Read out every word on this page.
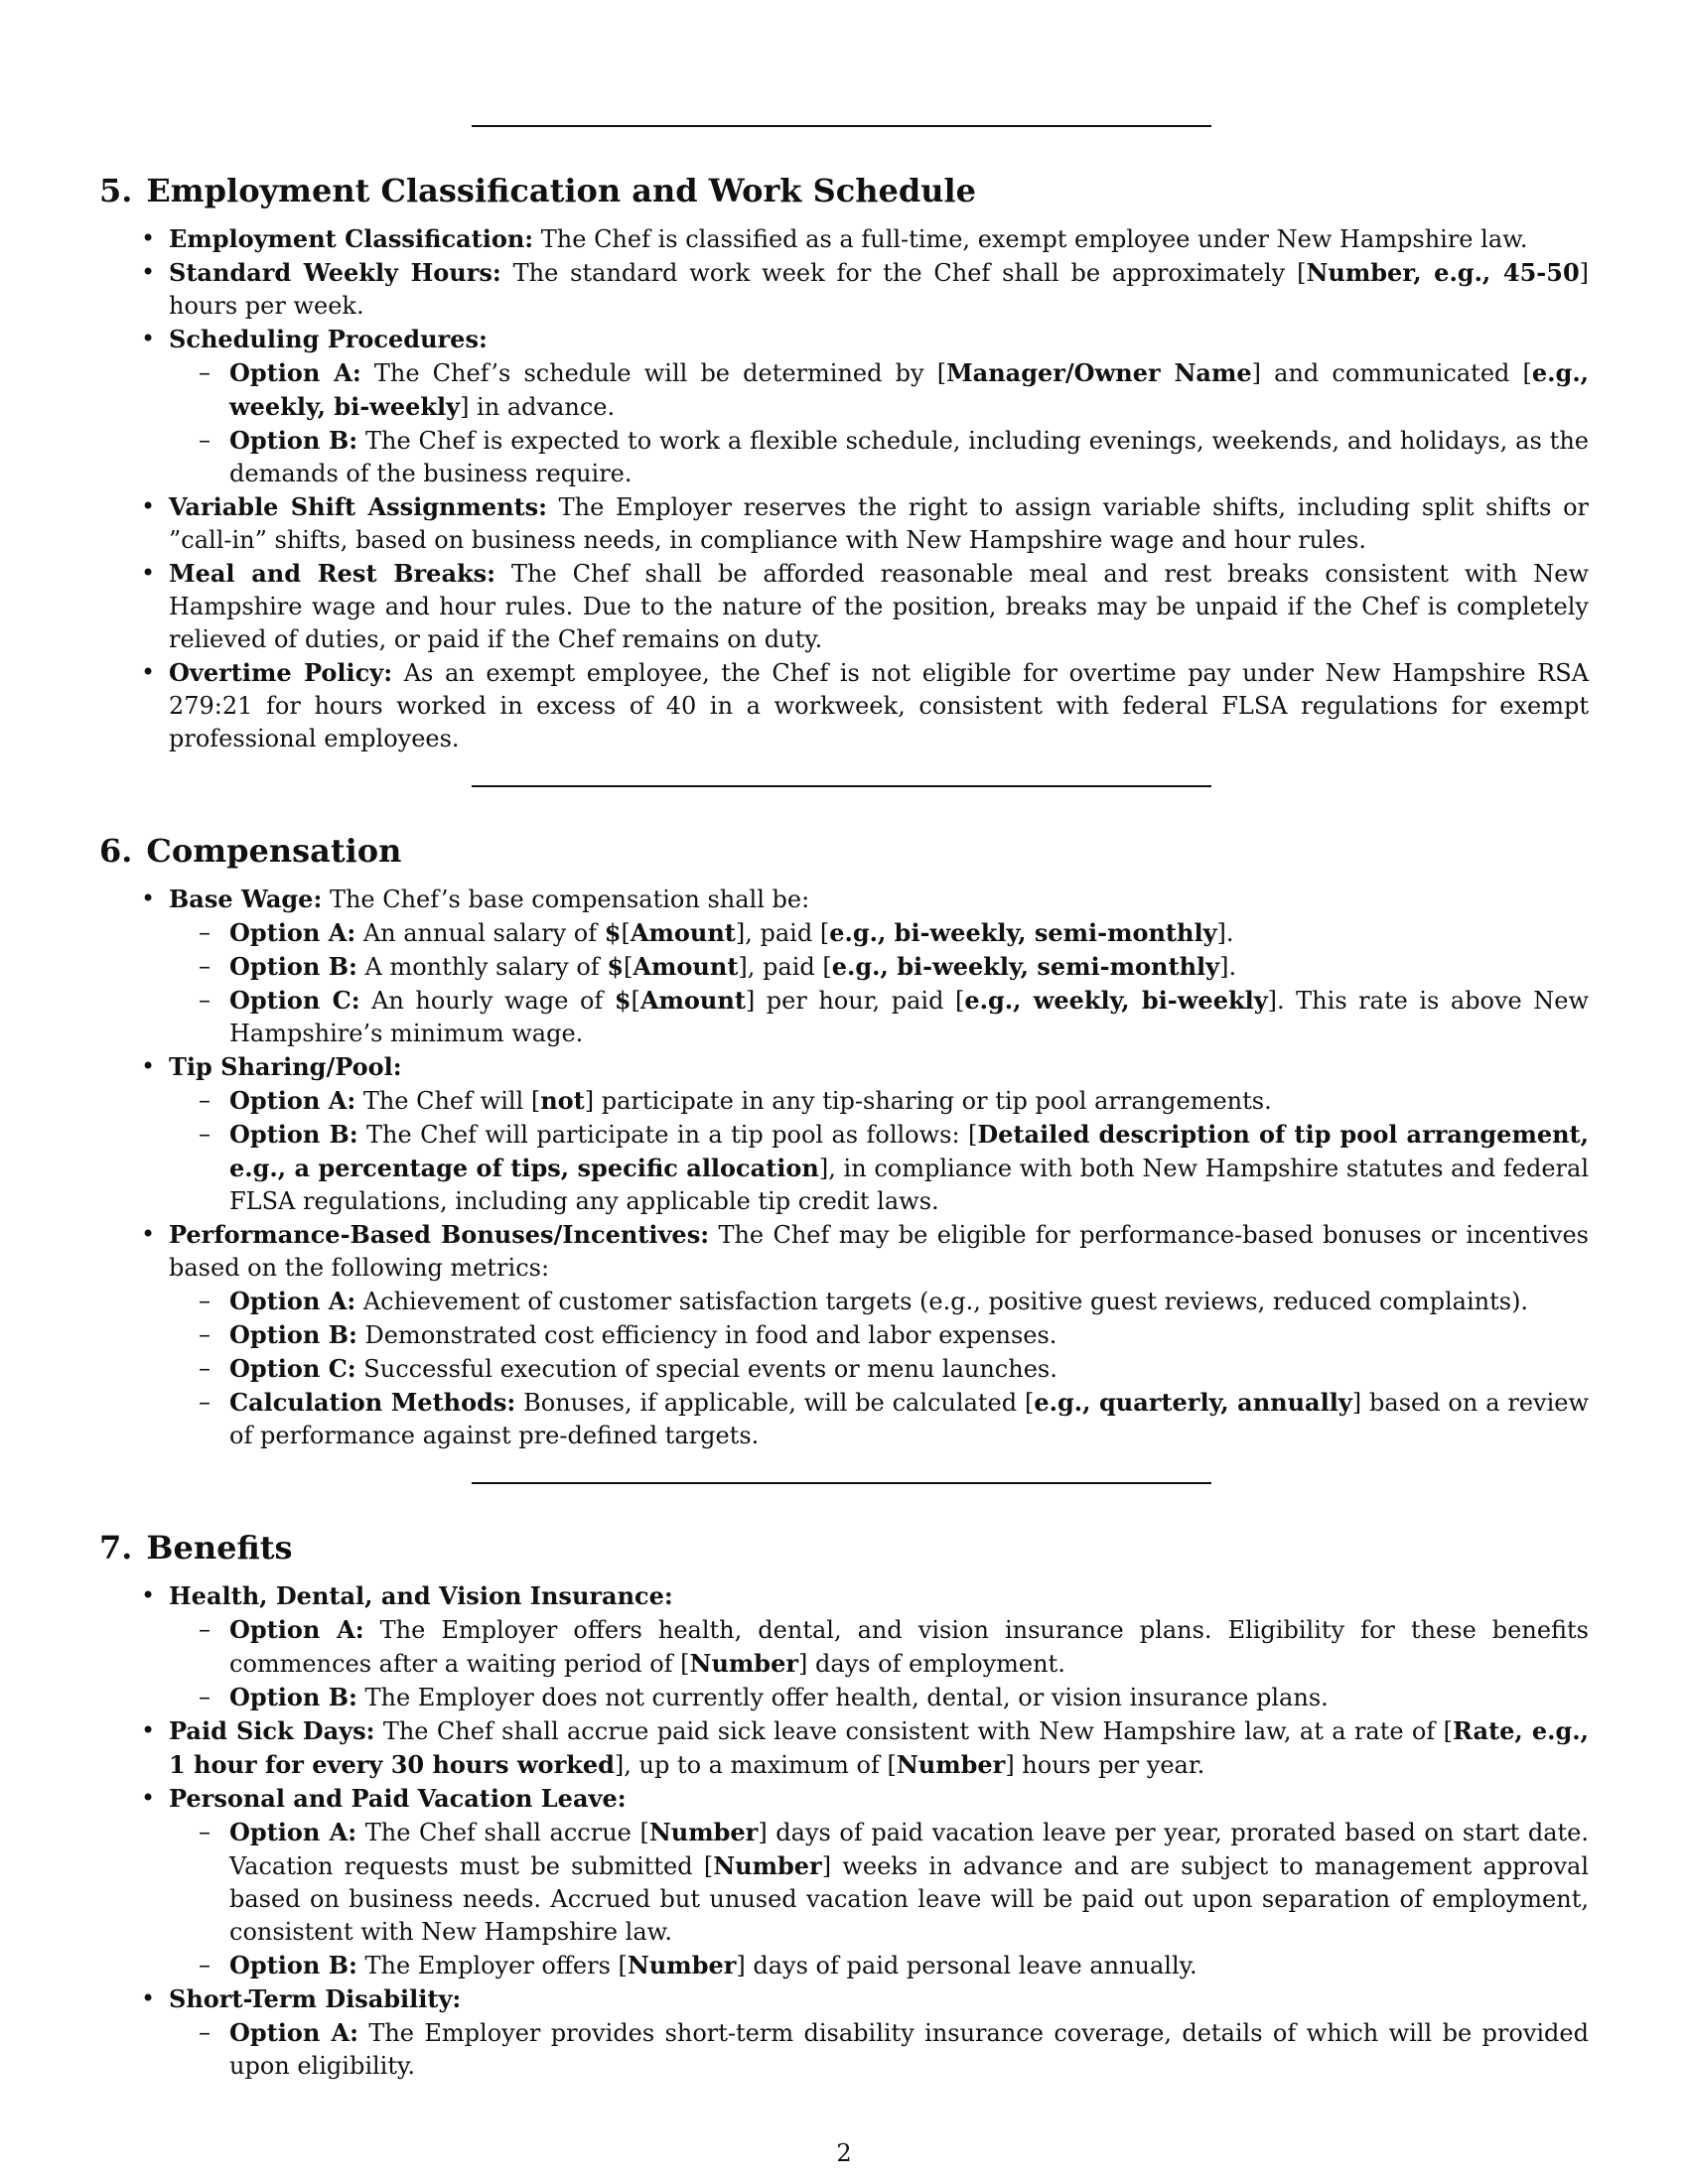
5. Employment Classification and Work Schedule
• Employment Classification: The Chef is classified as a full-time, exempt employee under New Hampshire law.
• Standard Weekly Hours: The standard work week for the Chef shall be approximately [Number, e.g., 45-50] hours per week.
• Scheduling Procedures:
– Option A: The Chef’s schedule will be determined by [Manager/Owner Name] and communicated [e.g., weekly, bi-weekly] in advance.
– Option B: The Chef is expected to work a flexible schedule, including evenings, weekends, and holidays, as the demands of the business require.
• Variable Shift Assignments: The Employer reserves the right to assign variable shifts, including split shifts or ”call-in” shifts, based on business needs, in compliance with New Hampshire wage and hour rules.
• Meal and Rest Breaks: The Chef shall be afforded reasonable meal and rest breaks consistent with New Hampshire wage and hour rules. Due to the nature of the position, breaks may be unpaid if the Chef is completely relieved of duties, or paid if the Chef remains on duty.
• Overtime Policy: As an exempt employee, the Chef is not eligible for overtime pay under New Hampshire RSA 279:21 for hours worked in excess of 40 in a workweek, consistent with federal FLSA regulations for exempt professional employees.
6. Compensation
• Base Wage: The Chef’s base compensation shall be:
– Option A: An annual salary of $[Amount], paid [e.g., bi-weekly, semi-monthly].
– Option B: A monthly salary of $[Amount], paid [e.g., bi-weekly, semi-monthly].
– Option C: An hourly wage of $[Amount] per hour, paid [e.g., weekly, bi-weekly]. This rate is above New Hampshire’s minimum wage.
• Tip Sharing/Pool:
– Option A: The Chef will [not] participate in any tip-sharing or tip pool arrangements.
– Option B: The Chef will participate in a tip pool as follows: [Detailed description of tip pool arrangement, e.g., a percentage of tips, specific allocation], in compliance with both New Hampshire statutes and federal FLSA regulations, including any applicable tip credit laws.
• Performance-Based Bonuses/Incentives: The Chef may be eligible for performance-based bonuses or incentives based on the following metrics:
– Option A: Achievement of customer satisfaction targets (e.g., positive guest reviews, reduced complaints).
– Option B: Demonstrated cost efficiency in food and labor expenses.
– Option C: Successful execution of special events or menu launches.
– Calculation Methods: Bonuses, if applicable, will be calculated [e.g., quarterly, annually] based on a review of performance against pre-defined targets.
7. Benefits
• Health, Dental, and Vision Insurance:
– Option A: The Employer offers health, dental, and vision insurance plans. Eligibility for these benefits commences after a waiting period of [Number] days of employment.
– Option B: The Employer does not currently offer health, dental, or vision insurance plans.
• Paid Sick Days: The Chef shall accrue paid sick leave consistent with New Hampshire law, at a rate of [Rate, e.g., 1 hour for every 30 hours worked], up to a maximum of [Number] hours per year.
• Personal and Paid Vacation Leave:
– Option A: The Chef shall accrue [Number] days of paid vacation leave per year, prorated based on start date. Vacation requests must be submitted [Number] weeks in advance and are subject to management approval based on business needs. Accrued but unused vacation leave will be paid out upon separation of employment, consistent with New Hampshire law.
– Option B: The Employer offers [Number] days of paid personal leave annually.
• Short-Term Disability:
– Option A: The Employer provides short-term disability insurance coverage, details of which will be provided upon eligibility.
2
